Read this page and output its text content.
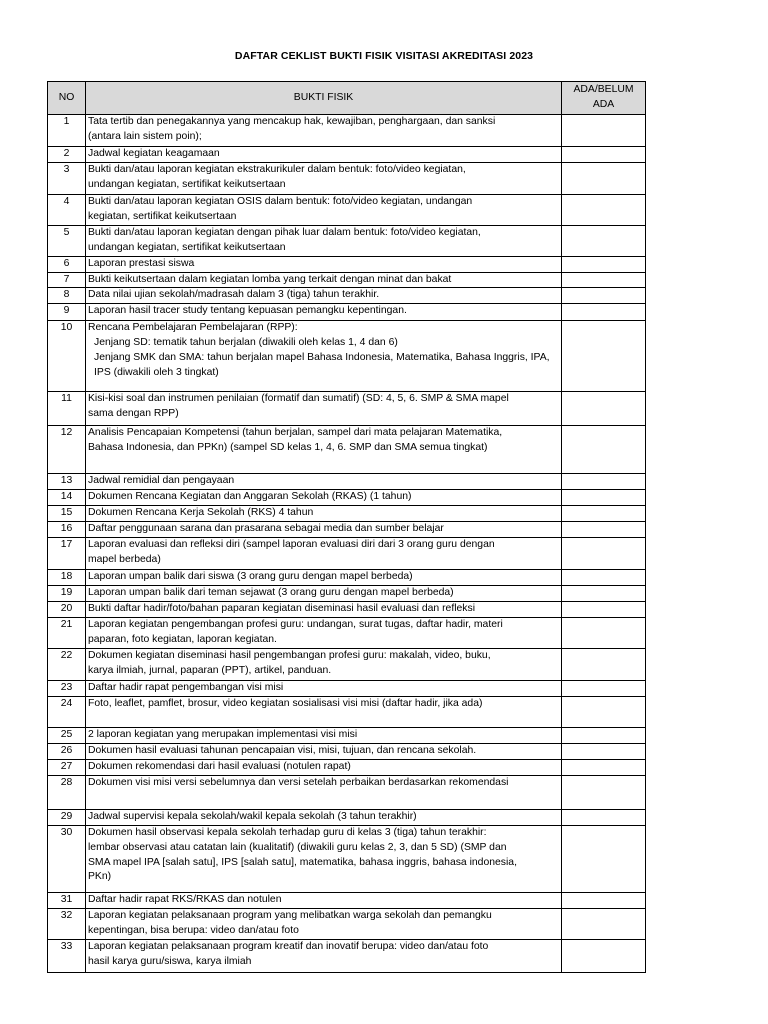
DAFTAR CEKLIST BUKTI FISIK VISITASI AKREDITASI 2023
NO	BUKTI FISIK	ADA/BELUM ADA
1	Tata tertib dan penegakannya yang mencakup hak, kewajiban, penghargaan, dan sanksi
(antara lain sistem poin);	

2	Jadwal kegiatan keagamaan	

3	Bukti dan/atau laporan kegiatan ekstrakurikuler dalam bentuk: foto/video kegiatan,
undangan kegiatan, sertifikat keikutsertaan	

4	Bukti dan/atau laporan kegiatan OSIS dalam bentuk: foto/video kegiatan, undangan
kegiatan, sertifikat keikutsertaan	

5	Bukti dan/atau laporan kegiatan dengan pihak luar dalam bentuk: foto/video kegiatan,
undangan kegiatan, sertifikat keikutsertaan	

6	Laporan prestasi siswa	

7	Bukti keikutsertaan dalam kegiatan lomba yang terkait dengan minat dan bakat	

8	Data nilai ujian sekolah/madrasah dalam 3 (tiga) tahun terakhir.	

9	Laporan hasil tracer study tentang kepuasan pemangku kepentingan.	

10	Rencana Pembelajaran Pembelajaran (RPP):
Jenjang SD: tematik tahun berjalan (diwakili oleh kelas 1, 4 dan 6)
Jenjang SMK dan SMA: tahun berjalan mapel Bahasa Indonesia, Matematika, Bahasa Inggris, IPA, IPS (diwakili oleh 3 tingkat)	

11	Kisi-kisi soal dan instrumen penilaian (formatif dan sumatif) (SD: 4, 5, 6. SMP & SMA mapel
sama dengan RPP)	

12	Analisis Pencapaian Kompetensi (tahun berjalan, sampel dari mata pelajaran Matematika,
Bahasa Indonesia, dan PPKn) (sampel SD kelas 1, 4, 6. SMP dan SMA semua tingkat)	

13	Jadwal remidial dan pengayaan	

14	Dokumen Rencana Kegiatan dan Anggaran Sekolah (RKAS) (1 tahun)	

15	Dokumen Rencana Kerja Sekolah (RKS) 4 tahun	

16	Daftar penggunaan sarana dan prasarana sebagai media dan sumber belajar	

17	Laporan evaluasi dan refleksi diri (sampel laporan evaluasi diri dari 3 orang guru dengan
mapel berbeda)	

18	Laporan umpan balik dari siswa (3 orang guru dengan mapel berbeda)	

19	Laporan umpan balik dari teman sejawat (3 orang guru dengan mapel berbeda)	

20	Bukti daftar hadir/foto/bahan paparan kegiatan diseminasi hasil evaluasi dan refleksi	

21	Laporan kegiatan pengembangan profesi guru: undangan, surat tugas, daftar hadir, materi
paparan, foto kegiatan, laporan kegiatan.	

22	Dokumen kegiatan diseminasi hasil pengembangan profesi guru: makalah, video, buku,
karya ilmiah, jurnal, paparan (PPT), artikel, panduan.	

23	Daftar hadir rapat pengembangan visi misi	

24	Foto, leaflet, pamflet, brosur, video kegiatan sosialisasi visi misi (daftar hadir, jika ada)	

25	2 laporan kegiatan yang merupakan implementasi visi misi	

26	Dokumen hasil evaluasi tahunan pencapaian visi, misi, tujuan, dan rencana sekolah.	

27	Dokumen rekomendasi dari hasil evaluasi (notulen rapat)	

28	Dokumen visi misi versi sebelumnya dan versi setelah perbaikan berdasarkan rekomendasi	

29	Jadwal supervisi kepala sekolah/wakil kepala sekolah (3 tahun terakhir)	

30	Dokumen hasil observasi kepala sekolah terhadap guru di kelas 3 (tiga) tahun terakhir:
lembar observasi atau catatan lain (kualitatif) (diwakili guru kelas 2, 3, dan 5 SD) (SMP dan
SMA mapel IPA [salah satu], IPS [salah satu], matematika, bahasa inggris, bahasa indonesia,
PKn)	

31	Daftar hadir rapat RKS/RKAS dan notulen	

32	Laporan kegiatan pelaksanaan program yang melibatkan warga sekolah dan pemangku
kepentingan, bisa berupa: video dan/atau foto	

33	Laporan kegiatan pelaksanaan program kreatif dan inovatif berupa: video dan/atau foto
hasil karya guru/siswa, karya ilmiah	
